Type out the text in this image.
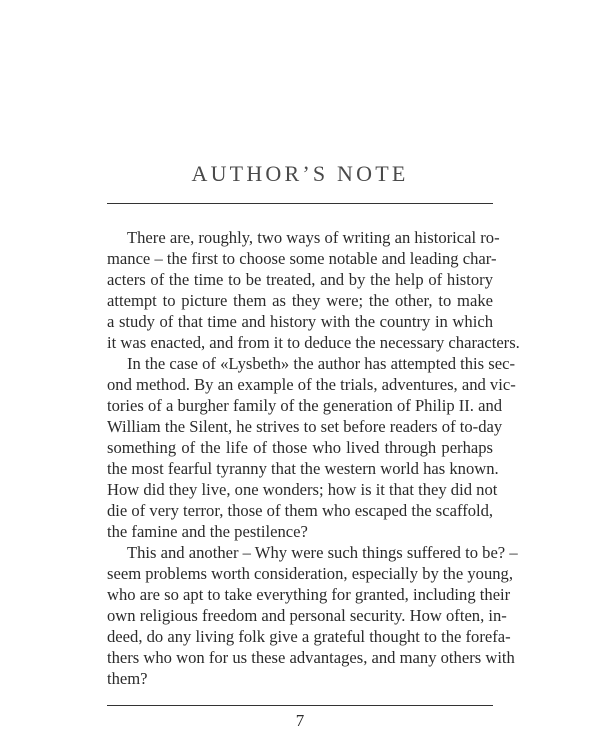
AUTHOR’S NOTE
There are, roughly, two ways of writing an historical ro-
mance – the first to choose some notable and leading char-
acters of the time to be treated, and by the help of history
attempt to picture them as they were; the other, to make
a study of that time and history with the country in which
it was enacted, and from it to deduce the necessary characters.
In the case of «Lysbeth» the author has attempted this sec-
ond method. By an example of the trials, adventures, and vic-
tories of a burgher family of the generation of Philip II. and
William the Silent, he strives to set before readers of to-day
something of the life of those who lived through perhaps
the most fearful tyranny that the western world has known.
How did they live, one wonders; how is it that they did not
die of very terror, those of them who escaped the scaffold,
the famine and the pestilence?
This and another – Why were such things suffered to be? –
seem problems worth consideration, especially by the young,
who are so apt to take everything for granted, including their
own religious freedom and personal security. How often, in-
deed, do any living folk give a grateful thought to the forefa-
thers who won for us these advantages, and many others with
them?
7
